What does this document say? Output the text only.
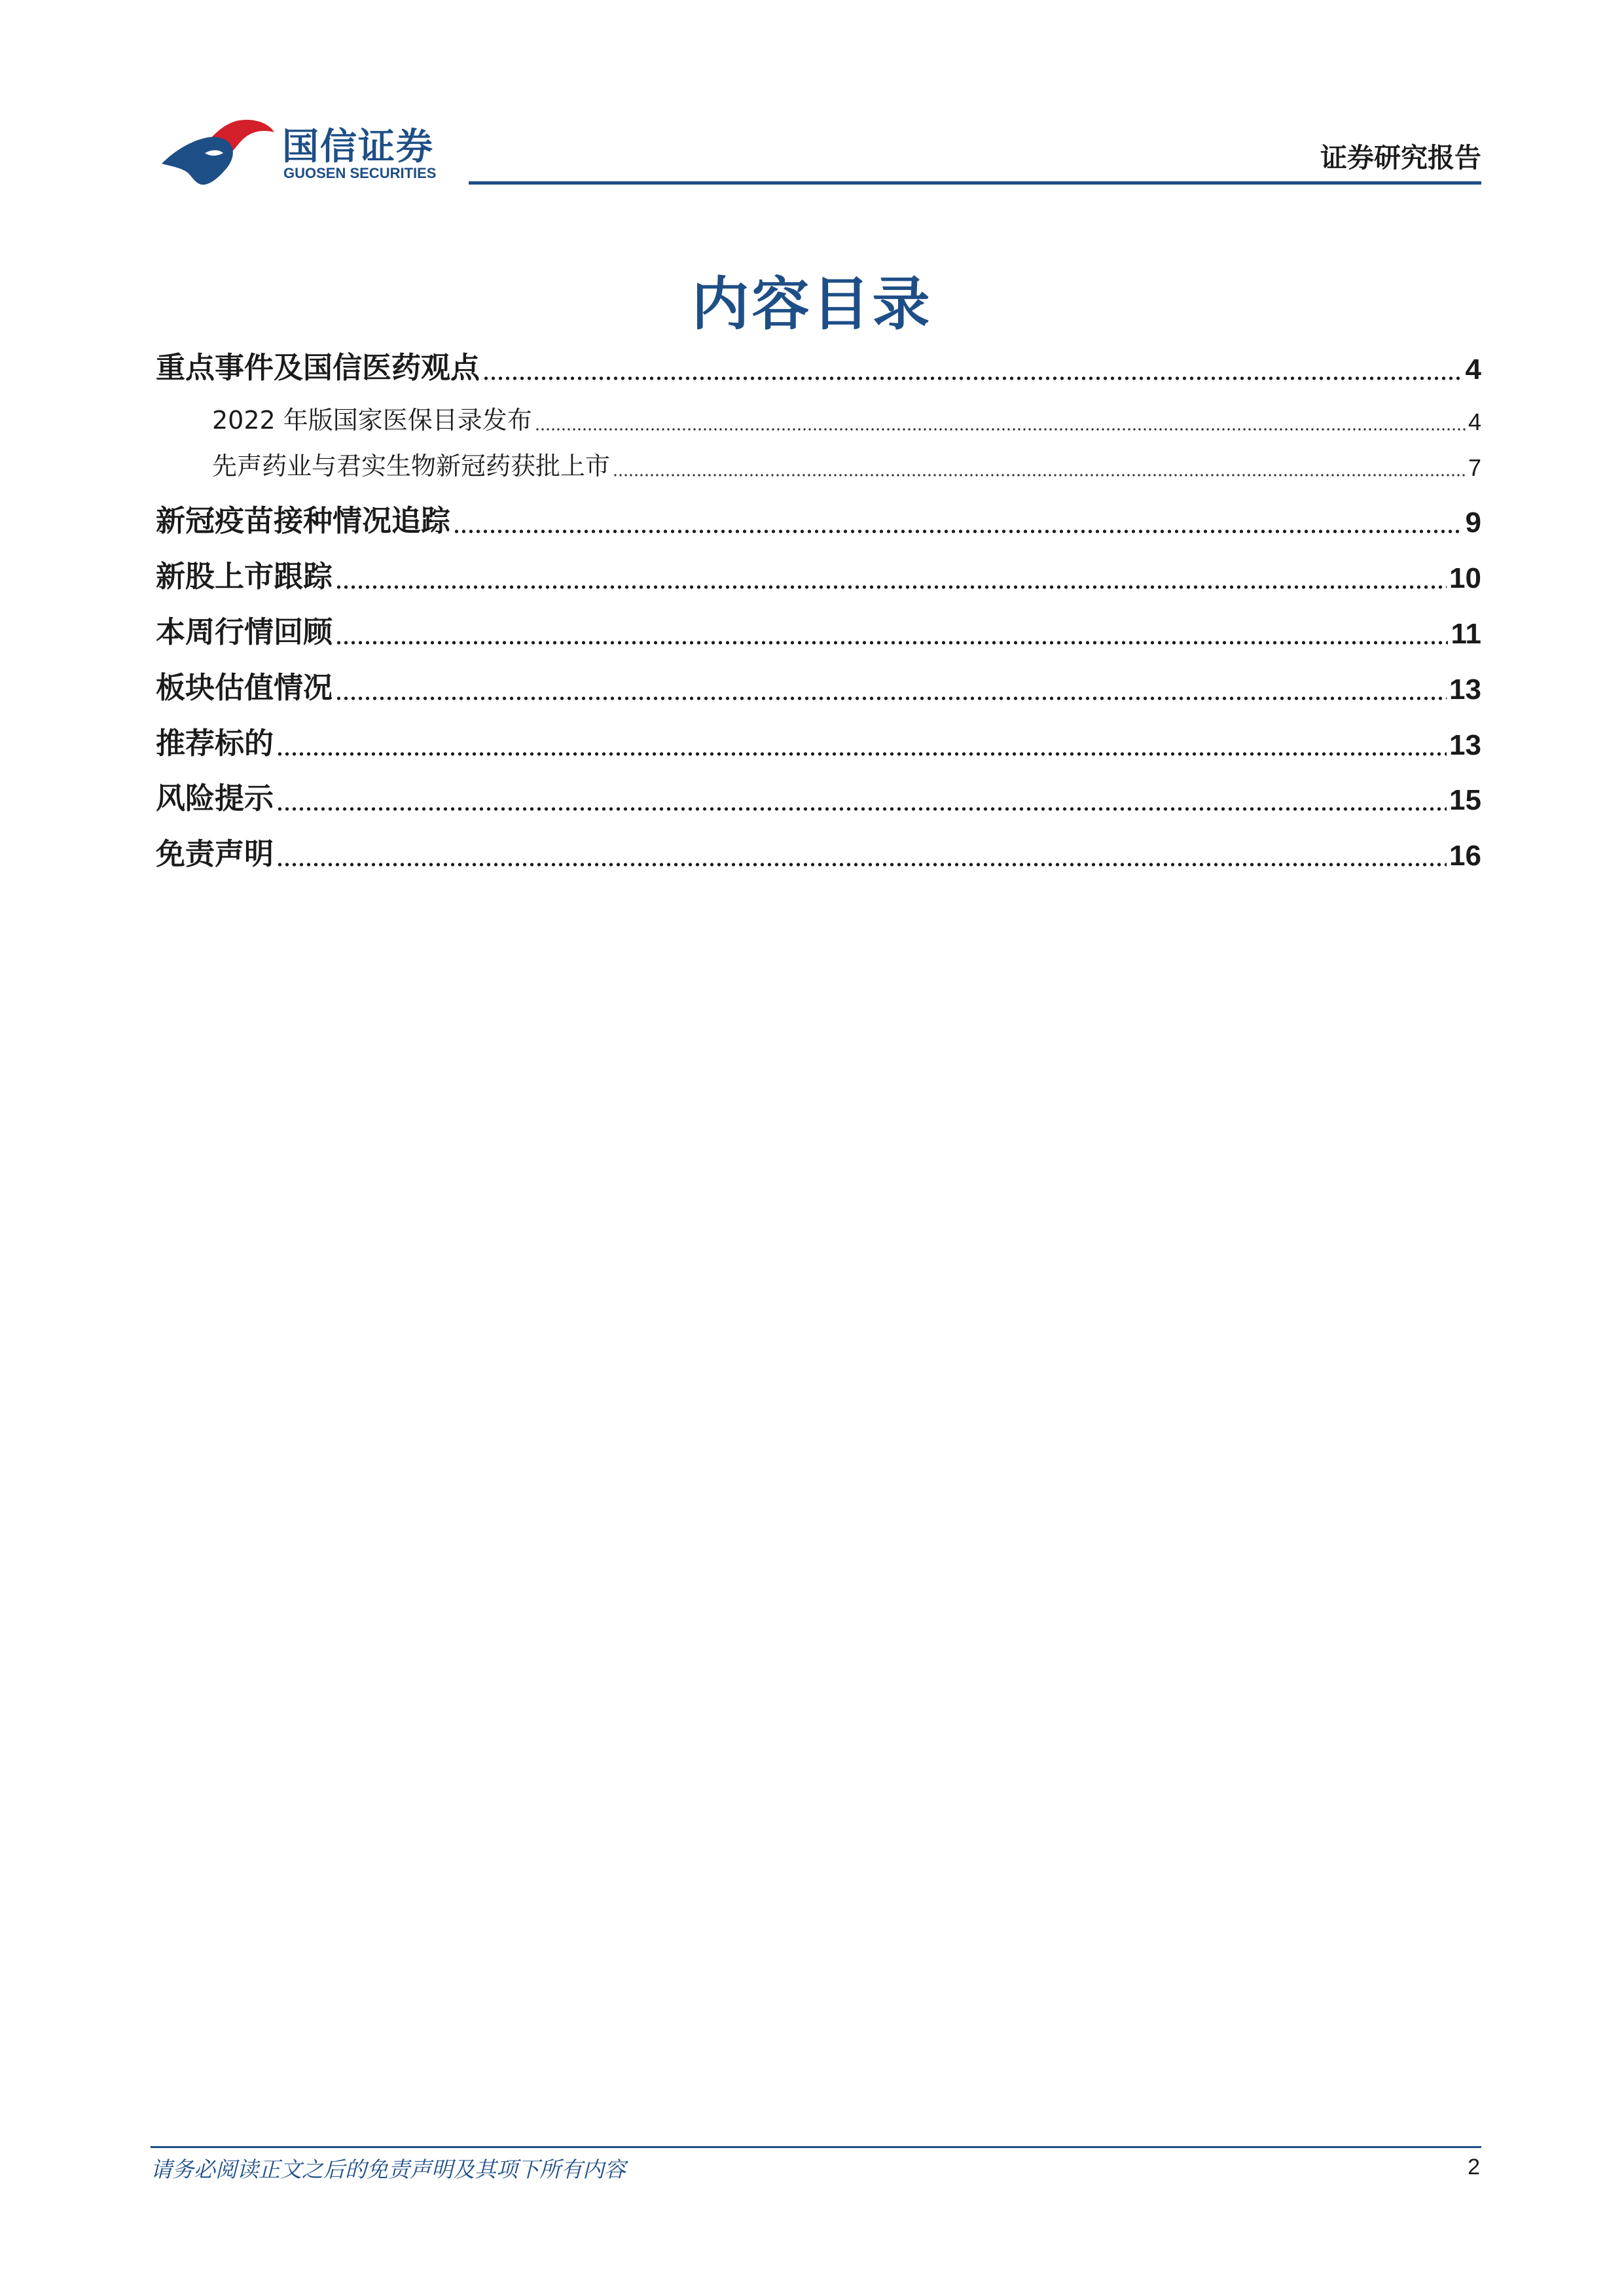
国信证券
GUOSEN SECURITIES	证券研究报告
内容目录
重点事件及国信医药观点	4
2022 年版国家医保目录发布	4
先声药业与君实生物新冠药获批上市	7
新冠疫苗接种情况追踪	9
新股上市跟踪	10
本周行情回顾	11
板块估值情况	13
推荐标的	13
风险提示	15
免责声明	16
请务必阅读正文之后的免责声明及其项下所有内容	2
